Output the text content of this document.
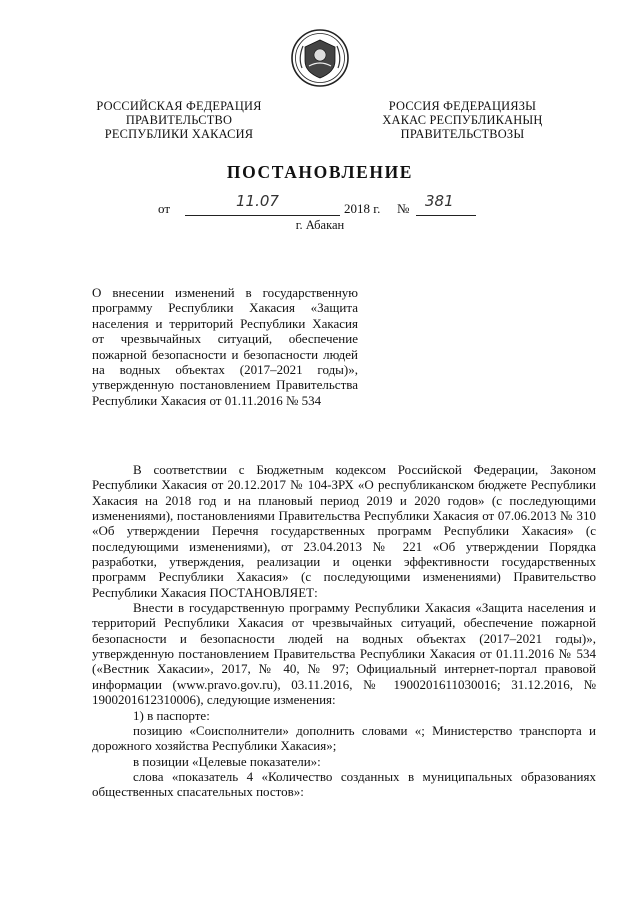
РОССИЙСКАЯ ФЕДЕРАЦИЯ
ПРАВИТЕЛЬСТВО
РЕСПУБЛИКИ ХАКАСИЯ
РОССИЯ ФЕДЕРАЦИЯЗЫ
ХАКАС РЕСПУБЛИКАНЫҢ
ПРАВИТЕЛЬСТВОЗЫ
ПОСТАНОВЛЕНИЕ
от	11.07	2018 г. № 381
г. Абакан
О внесении изменений в государственную программу Республики Хакасия «Защита населения и территорий Республики Хакасия от чрезвычайных ситуаций, обеспечение пожарной безопасности и безопасности людей на водных объектах (2017–2021 годы)», утвержденную постановлением Правительства Республики Хакасия от 01.11.2016 № 534

В соответствии с Бюджетным кодексом Российской Федерации, Законом Республики Хакасия от 20.12.2017 № 104-ЗРХ «О республиканском бюджете Республики Хакасия на 2018 год и на плановый период 2019 и 2020 годов» (с последующими изменениями), постановлениями Правительства Республики Хакасия от 07.06.2013 № 310 «Об утверждении Перечня государственных программ Республики Хакасия» (с последующими изменениями), от 23.04.2013 № 221 «Об утверждении Порядка разработки, утверждения, реализации и оценки эффективности государственных программ Республики Хакасия» (с последующими изменениями) Правительство Республики Хакасия ПОСТАНОВЛЯЕТ:

Внести в государственную программу Республики Хакасия «Защита населения и территорий Республики Хакасия от чрезвычайных ситуаций, обеспечение пожарной безопасности и безопасности людей на водных объектах (2017–2021 годы)», утвержденную постановлением Правительства Республики Хакасия от 01.11.2016 № 534 («Вестник Хакасии», 2017, № 40, № 97; Официальный интернет-портал правовой информации (www.pravo.gov.ru), 03.11.2016, № 1900201611030016; 31.12.2016, № 1900201612310006), следующие изменения:

1) в паспорте:

позицию «Соисполнители» дополнить словами «; Министерство транспорта и дорожного хозяйства Республики Хакасия»;

в позиции «Целевые показатели»:

слова «показатель 4 «Количество созданных в муниципальных образованиях общественных спасательных постов»:
